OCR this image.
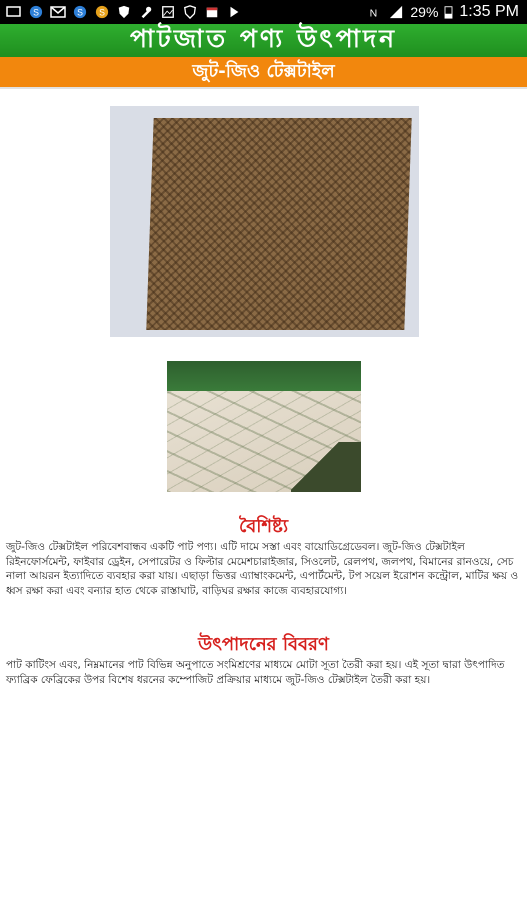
S	S S	N 29% 1:35 PM
পাটজাত পণ্য উৎপাদন
জুট-জিও টেক্সটাইল
বৈশিষ্ট্য
জুট-জিও টেক্সটাইল পরিবেশবান্ধব একটি পাট পণ্য। এটি দামে সস্তা এবং বায়োডিগ্রেডেবল। জুট-জিও টেক্সটাইল রিইনফোর্সমেন্ট, ফাইবার ড্রেইন, সেপারেটর ও ফিল্টার মেমেশচারাইজার, সিওলেট, রেলপথ, জলপথ, বিমানের রানওয়ে, সেচ নালা আয়রন ইত্যাদিতে ব্যবহার করা যায়। এছাড়া ভিত্তর এ্যাম্বাংকমেন্ট, এপার্টমেন্ট, টপ সয়েল ইরোশন কন্ট্রোল, মাটির ক্ষয় ও ধ্বস রক্ষা করা এবং বন্যার হাত থেকে রাস্তাঘাট, বাড়িঘর রক্ষার কাজে ব্যবহারযোগ্য।
উৎপাদনের বিবরণ
পাট কাটিংস এবং, নিম্নমানের পাট বিভিন্ন অনুপাতে সংমিশ্রণের মাধ্যমে মোটা সূতা তৈরী করা হয়। এই সূতা দ্বারা উৎপাদিত ফ্যাব্রিক ফেব্রিকের উপর বিশেষ ধরনের কম্পোজিট প্রক্রিয়ার মাধ্যমে জুট-জিও টেক্সটাইল তৈরী করা হয়।
